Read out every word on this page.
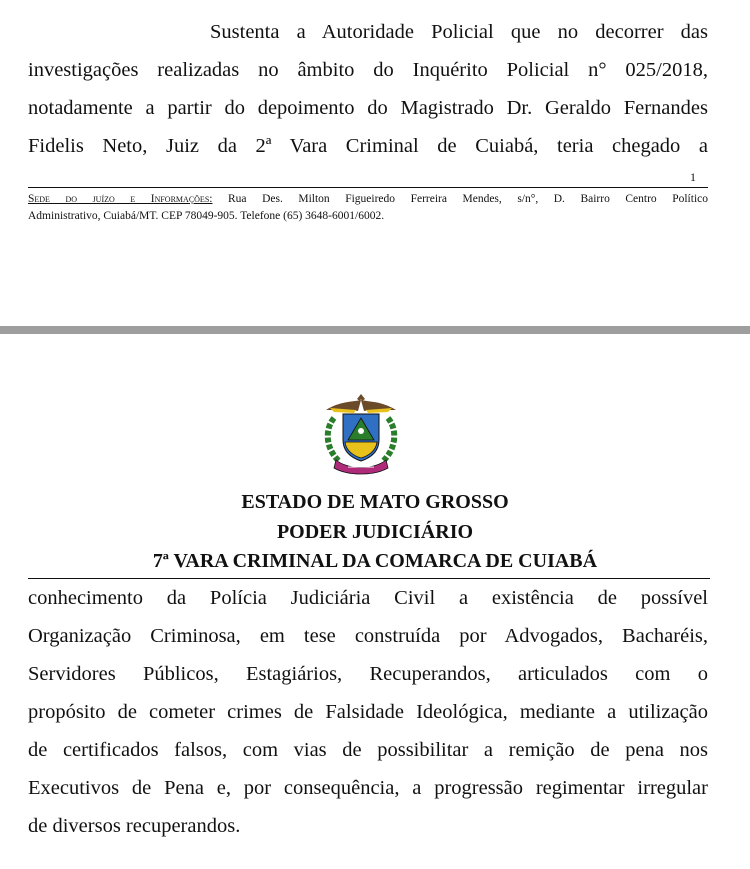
Sustenta a Autoridade Policial que no decorrer das
investigações realizadas no âmbito do Inquérito Policial n° 025/2018,
notadamente a partir do depoimento do Magistrado Dr. Geraldo Fernandes
Fidelis Neto, Juiz da 2ª Vara Criminal de Cuiabá, teria chegado a
1
Sede do juízo e Informações: Rua Des. Milton Figueiredo Ferreira Mendes, s/n°, D. Bairro Centro Político
Administrativo, Cuiabá/MT. CEP 78049-905. Telefone (65) 3648-6001/6002.
ESTADO DE MATO GROSSO
PODER JUDICIÁRIO
7ª VARA CRIMINAL DA COMARCA DE CUIABÁ
conhecimento da Polícia Judiciária Civil a existência de possível
Organização Criminosa, em tese construída por Advogados, Bacharéis,
Servidores Públicos, Estagiários, Recuperandos, articulados com o
propósito de cometer crimes de Falsidade Ideológica, mediante a utilização
de certificados falsos, com vias de possibilitar a remição de pena nos
Executivos de Pena e, por consequência, a progressão regimentar irregular
de diversos recuperandos.
